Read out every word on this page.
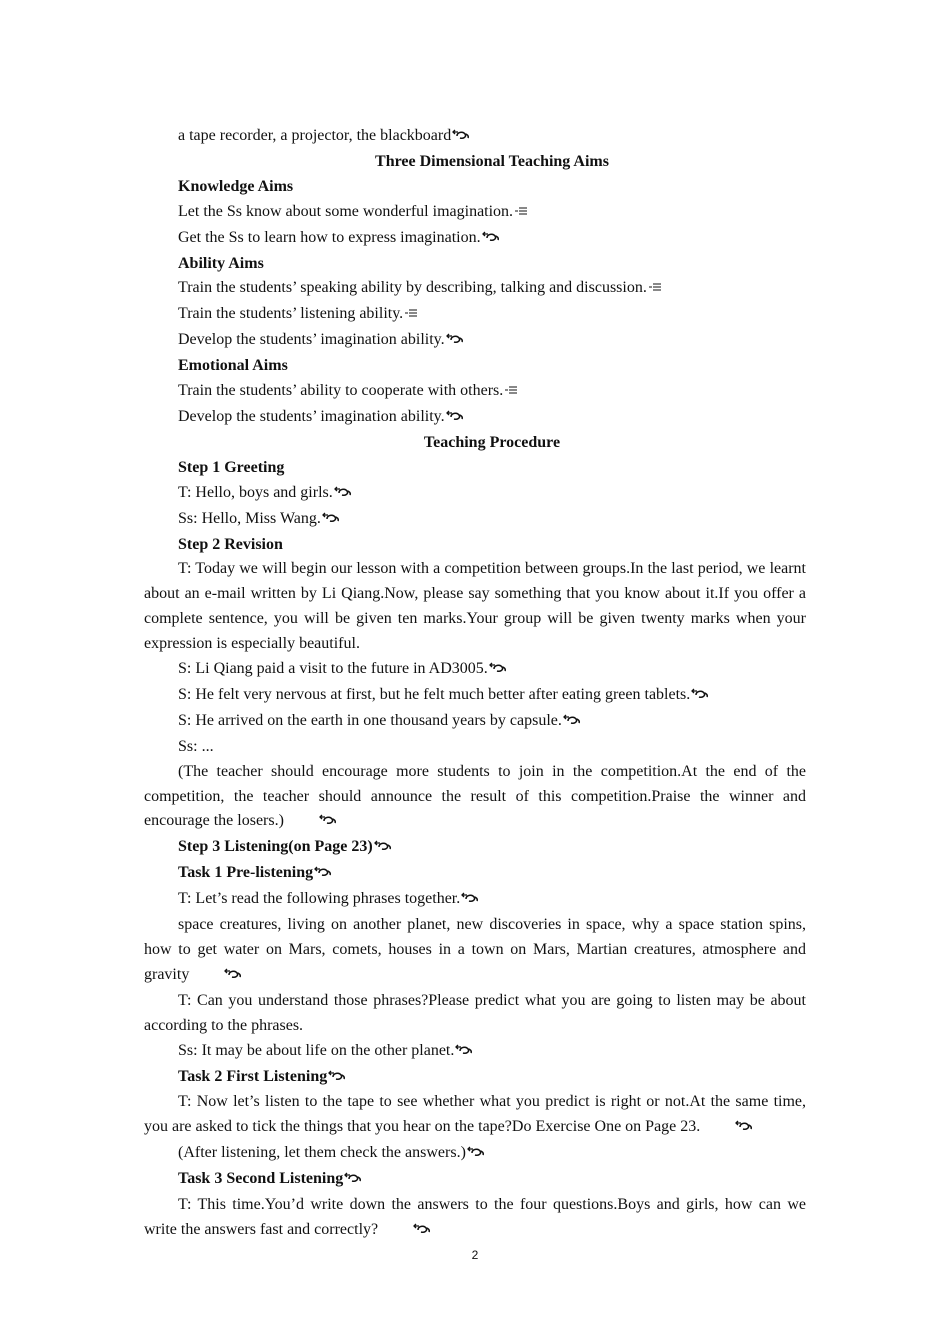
a tape recorder, a projector, the blackboard
Three Dimensional Teaching Aims
Knowledge Aims
Let the Ss know about some wonderful imagination.
Get the Ss to learn how to express imagination.
Ability Aims
Train the students’ speaking ability by describing, talking and discussion.
Train the students’ listening ability.
Develop the students’ imagination ability.
Emotional Aims
Train the students’ ability to cooperate with others.
Develop the students’ imagination ability.
Teaching Procedure
Step 1 Greeting
T: Hello, boys and girls.
Ss: Hello, Miss Wang.
Step 2 Revision
T: Today we will begin our lesson with a competition between groups.In the last period, we learnt about an e-mail written by Li Qiang.Now, please say something that you know about it.If you offer a complete sentence, you will be given ten marks.Your group will be given twenty marks when your expression is especially beautiful.
S: Li Qiang paid a visit to the future in AD3005.
S: He felt very nervous at first, but he felt much better after eating green tablets.
S: He arrived on the earth in one thousand years by capsule.
Ss: ...
(The teacher should encourage more students to join in the competition.At the end of the competition, the teacher should announce the result of this competition.Praise the winner and encourage the losers.)
Step 3 Listening(on Page 23)
Task 1 Pre-listening
T: Let’s read the following phrases together.
space creatures, living on another planet, new discoveries in space, why a space station spins, how to get water on Mars, comets, houses in a town on Mars, Martian creatures, atmosphere and gravity
T: Can you understand those phrases?Please predict what you are going to listen may be about according to the phrases.
Ss: It may be about life on the other planet.
Task 2 First Listening
T: Now let’s listen to the tape to see whether what you predict is right or not.At the same time, you are asked to tick the things that you hear on the tape?Do Exercise One on Page 23.
(After listening, let them check the answers.)
Task 3 Second Listening
T: This time.You’d write down the answers to the four questions.Boys and girls, how can we write the answers fast and correctly?
2
